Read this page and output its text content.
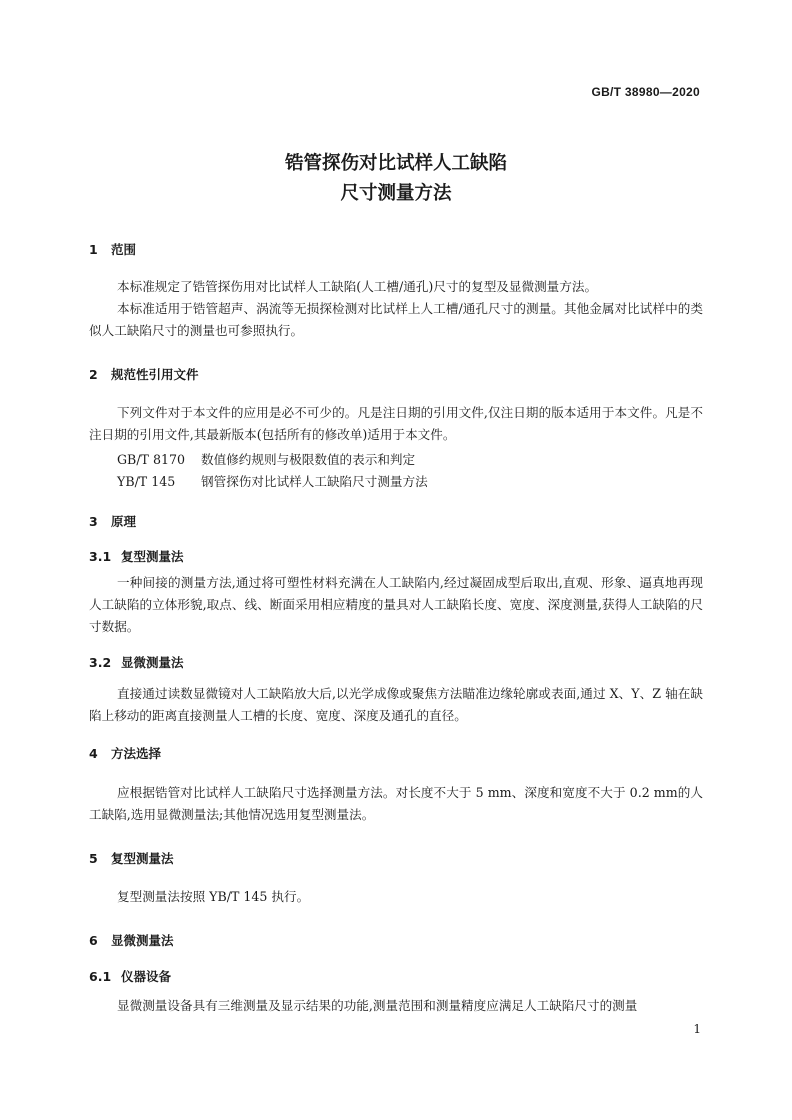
GB/T 38980—2020
锆管探伤对比试样人工缺陷
尺寸测量方法
1 范围

本标准规定了锆管探伤用对比试样人工缺陷(人工槽/通孔)尺寸的复型及显微测量方法。

本标准适用于锆管超声、涡流等无损探检测对比试样上人工槽/通孔尺寸的测量。其他金属对比试样中的类似人工缺陷尺寸的测量也可参照执行。

2 规范性引用文件

下列文件对于本文件的应用是必不可少的。凡是注日期的引用文件,仅注日期的版本适用于本文件。凡是不注日期的引用文件,其最新版本(包括所有的修改单)适用于本文件。

GB/T 8170 数值修约规则与极限数值的表示和判定
YB/T 145 钢管探伤对比试样人工缺陷尺寸测量方法
3 原理
3.1 复型测量法

一种间接的测量方法,通过将可塑性材料充满在人工缺陷内,经过凝固成型后取出,直观、形象、逼真地再现人工缺陷的立体形貌,取点、线、断面采用相应精度的量具对人工缺陷长度、宽度、深度测量,获得人工缺陷的尺寸数据。

3.2 显微测量法

直接通过读数显微镜对人工缺陷放大后,以光学成像或聚焦方法瞄准边缘轮廓或表面,通过 X、Y、Z 轴在缺陷上移动的距离直接测量人工槽的长度、宽度、深度及通孔的直径。

4 方法选择

应根据锆管对比试样人工缺陷尺寸选择测量方法。对长度不大于 5 mm、深度和宽度不大于 0.2 mm的人工缺陷,选用显微测量法;其他情况选用复型测量法。

5 复型测量法

复型测量法按照 YB/T 145 执行。

6 显微测量法
6.1 仪器设备

显微测量设备具有三维测量及显示结果的功能,测量范围和测量精度应满足人工缺陷尺寸的测量

1
